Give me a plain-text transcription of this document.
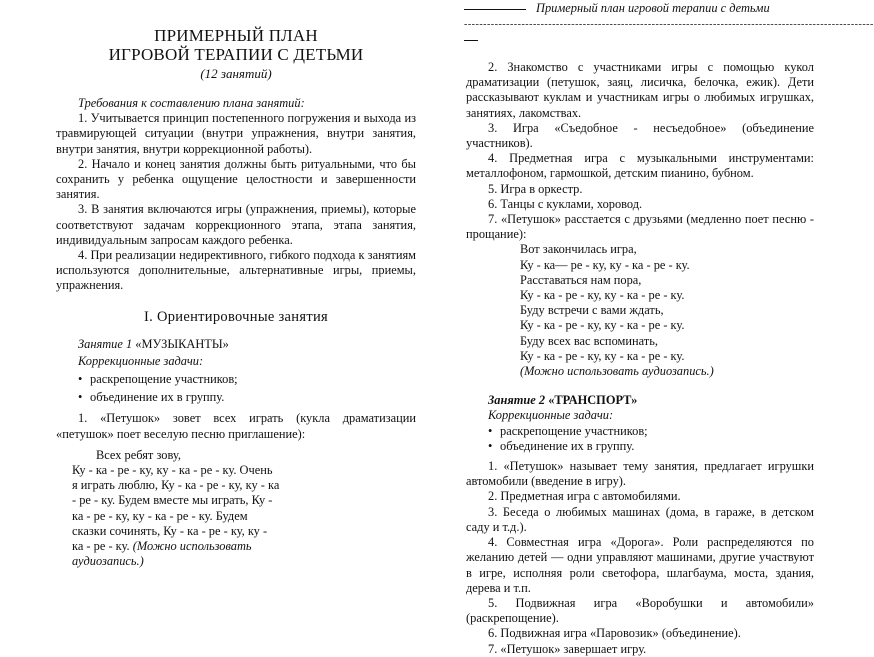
ПРИМЕРНЫЙ ПЛАН
ИГРОВОЙ ТЕРАПИИ С ДЕТЬМИ
(12 занятий)
Требования к составлению плана занятий:
1. Учитывается принцип постепенного погружения и выхода из травмирующей ситуации (внутри упражнения, внутри занятия, внутри занятия, внутри коррекционной работы).
2. Начало и конец занятия должны быть ритуальными, что бы сохранить у ребенка ощущение целостности и завершенности занятия.
3. В занятия включаются игры (упражнения, приемы), которые соответствуют задачам коррекционного этапа, этапа занятия, индивидуальным запросам каждого ребенка.
4. При реализации недирективного, гибкого подхода к занятиям используются дополнительные, альтернативные игры, приемы, упражнения.
I. Ориентировочные занятия
Занятие 1 «МУЗЫКАНТЫ»
Коррекционные задачи:
• раскрепощение участников;
• объединение их в группу.
1. «Петушок» зовет всех играть (кукла драматизации «петушок» поет веселую песню приглашение):
Всех ребят зову,
Ку - ка - ре - ку, ку - ка - ре - ку. Очень
я играть люблю, Ку - ка - ре - ку, ку - ка
- ре - ку. Будем вместе мы играть, Ку -
ка - ре - ку, ку - ка - ре - ку. Будем
сказки сочинять, Ку - ка - ре - ку, ку -
ка - ре - ку. (Можно использовать
аудиозапись.)
Примерный план игровой терапии с детьми
-----------------------------------------------------------------------------------------------------------
2. Знакомство с участниками игры с помощью кукол драматизации (петушок, заяц, лисичка, белочка, ежик). Дети рассказывают куклам и участникам игры о любимых игрушках, занятиях, лакомствах.
3. Игра «Съедобное - несъедобное» (объединение участников).
4. Предметная игра с музыкальными инструментами: металлофоном, гармошкой, детским пианино, бубном.
5. Игра в оркестр.
6. Танцы с куклами, хоровод.
7. «Петушок» расстается с друзьями (медленно поет песню - прощание):
Вот закончилась игра,
Ку - ка— ре - ку, ку - ка - ре - ку.
Расставаться нам пора,
Ку - ка - ре - ку, ку - ка - ре - ку.
Буду встречи с вами ждать,
Ку - ка - ре - ку, ку - ка - ре - ку.
Буду всех вас вспоминать,
Ку - ка - ре - ку, ку - ка - ре - ку.
(Можно использовать аудиозапись.)
Занятие 2 «ТРАНСПОРТ»
Коррекционные задачи:
• раскрепощение участников;
• объединение их в группу.
1. «Петушок» называет тему занятия, предлагает игрушки автомобили (введение в игру).
2. Предметная игра с автомобилями.
3. Беседа о любимых машинах (дома, в гараже, в детском саду и т.д.).
4. Совместная игра «Дорога». Роли распределяются по желанию детей — одни управляют машинами, другие участвуют в игре, исполняя роли светофора, шлагбаума, моста, здания, дерева и т.п.
5. Подвижная игра «Воробушки и автомобили» (раскрепощение).
6. Подвижная игра «Паровозик» (объединение).
7. «Петушок» завершает игру.
